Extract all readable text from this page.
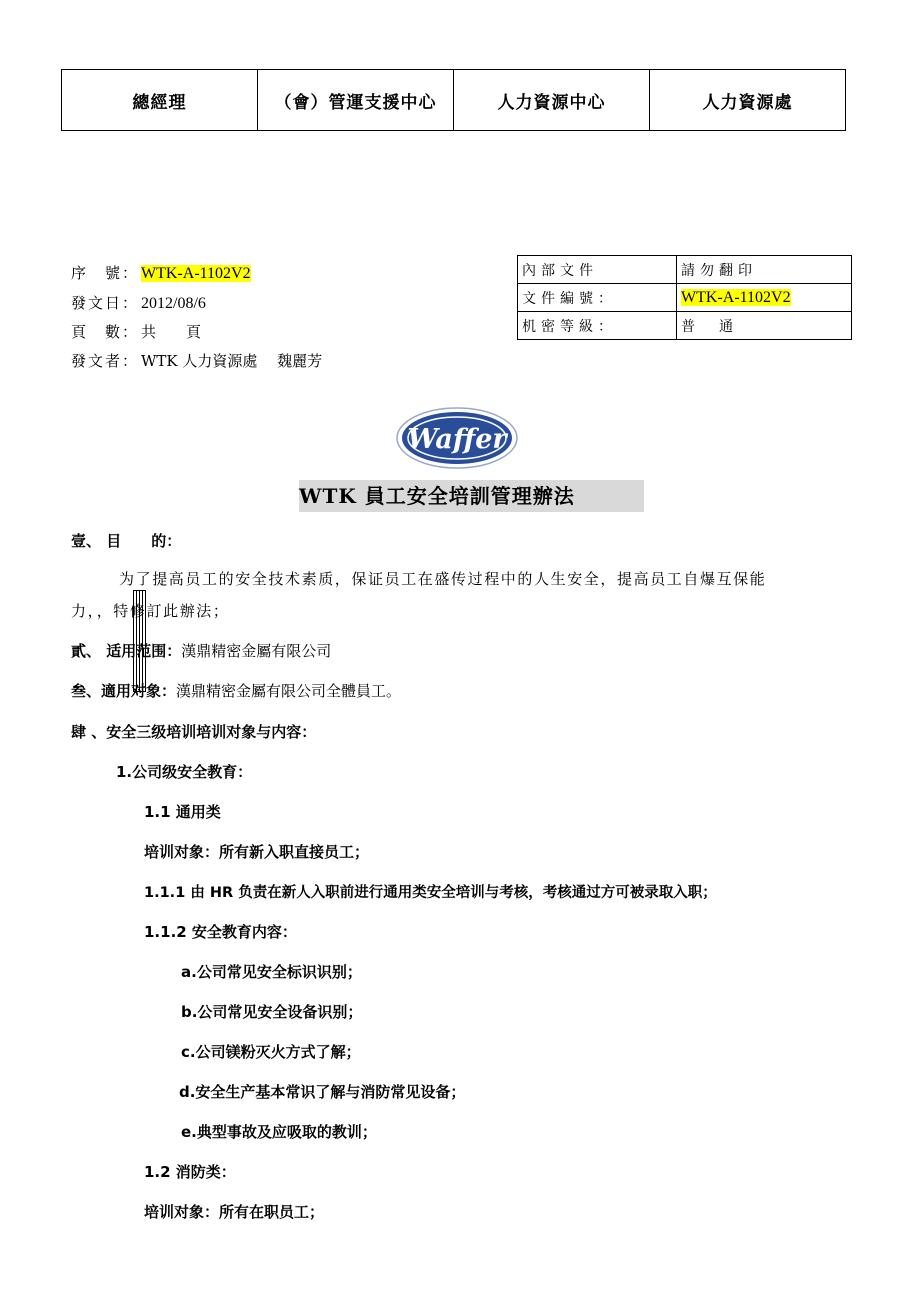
總經理	（會）管運支援中心	人力資源中心	人力資源處

序　號： WTK-A-1102V2
發文日： 2012/08/6
頁　數： 共　　頁
發文者： WTK 人力資源處　 魏麗芳
內部文件	請勿翻印
文件編號：	WTK-A-1102V2
机密等級：	普　通
Waffer
WTK 員工安全培訓管理辦法
壹、 目　　的：
为了提高员工的安全技术素质，保证员工在盛传过程中的人生安全，提高员工自爆互保能
力，，特修訂此辦法；
貳、 适用范围：漢鼎精密金屬有限公司
叁、適用对象：漢鼎精密金屬有限公司全體員工。
肆 、安全三级培训培训对象与内容：
1.公司级安全教育：
1.1 通用类
培训对象：所有新入职直接员工；
1.1.1 由 HR 负责在新人入职前进行通用类安全培训与考核，考核通过方可被录取入职；
1.1.2 安全教育内容：
a.公司常见安全标识识别；
b.公司常见安全设备识别；
c.公司镁粉灭火方式了解；
d.安全生产基本常识了解与消防常见设备；
e.典型事故及应吸取的教训；
1.2 消防类：
培训对象：所有在职员工；
